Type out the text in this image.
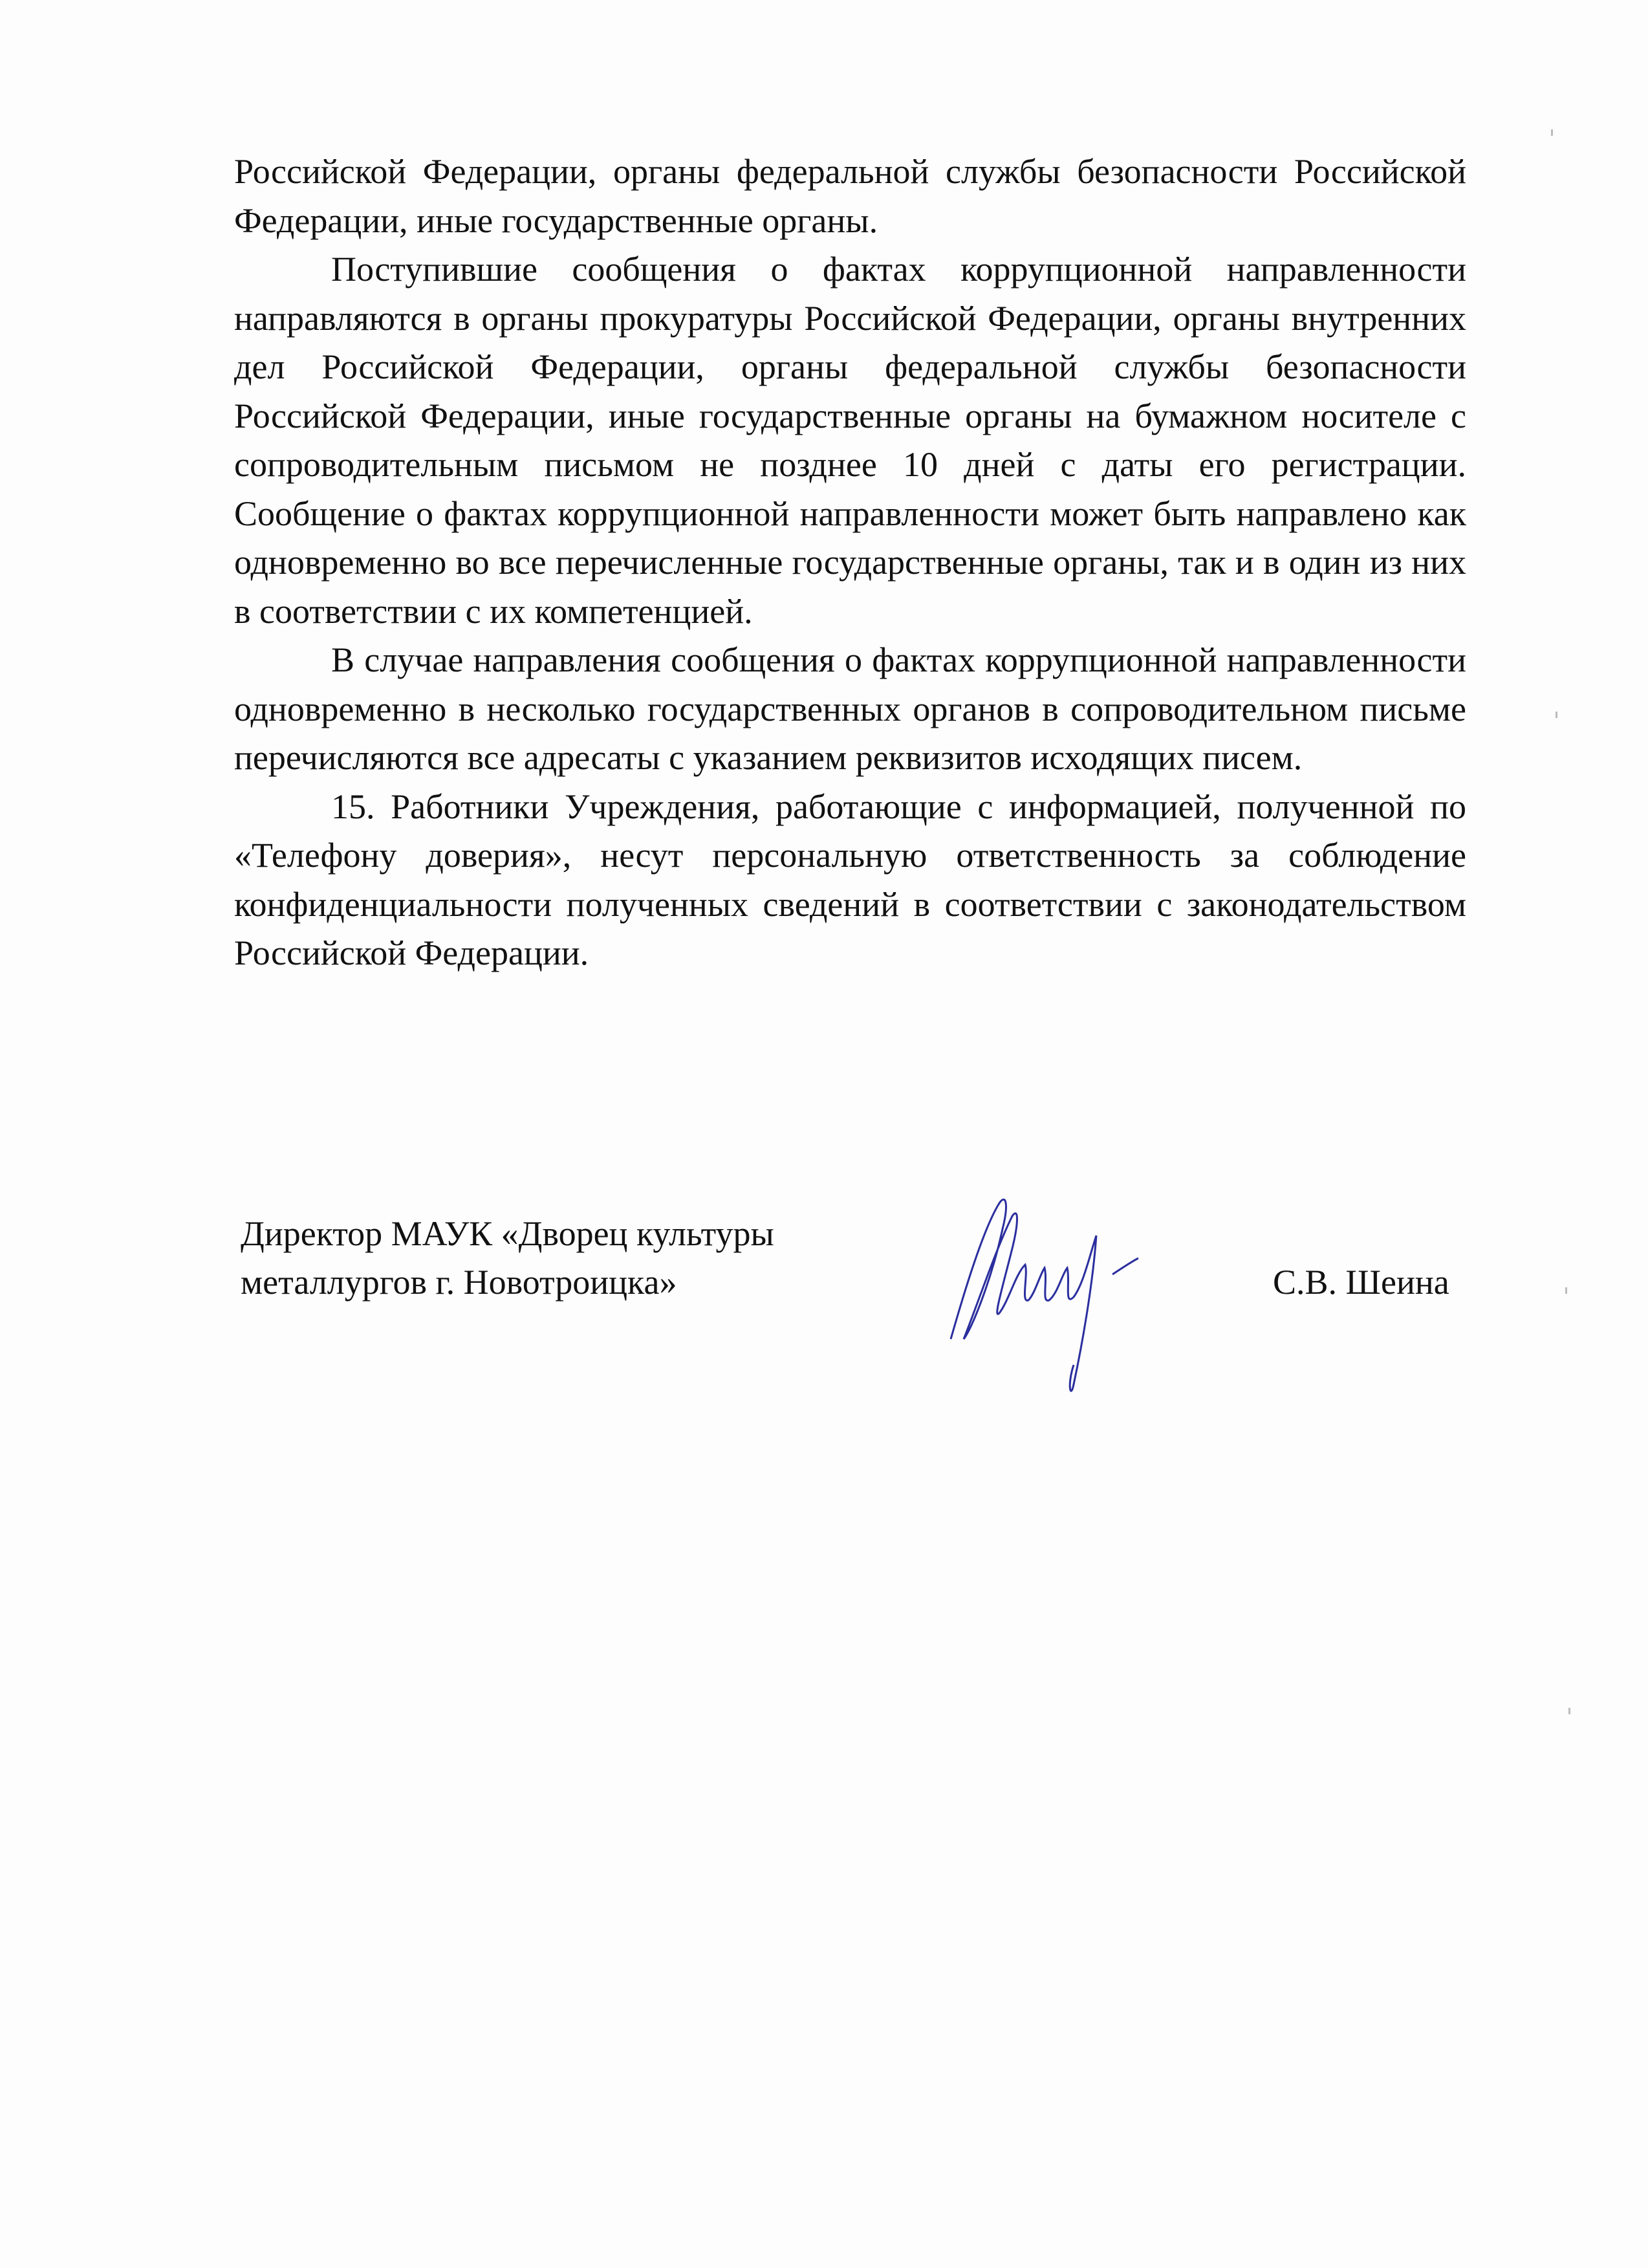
Российской Федерации, органы федеральной службы безопасности Российской Федерации, иные государственные органы.

Поступившие сообщения о фактах коррупционной направленности направляются в органы прокуратуры Российской Федерации, органы внутренних дел Российской Федерации, органы федеральной службы безопасности Российской Федерации, иные государственные органы на бумажном носителе с сопроводительным письмом не позднее 10 дней с даты его регистрации. Сообщение о фактах коррупционной направленности может быть направлено как одновременно во все перечисленные государственные органы, так и в один из них в соответствии с их компетенцией.

В случае направления сообщения о фактах коррупционной направленности одновременно в несколько государственных органов в сопроводительном письме перечисляются все адресаты с указанием реквизитов исходящих писем.

15. Работники Учреждения, работающие с информацией, полученной по «Телефону доверия», несут персональную ответственность за соблюдение конфиденциальности полученных сведений в соответствии с законодательством Российской Федерации.

Директор МАУК «Дворец культуры
металлургов г. Новотроицка»	С.В. Шеина
